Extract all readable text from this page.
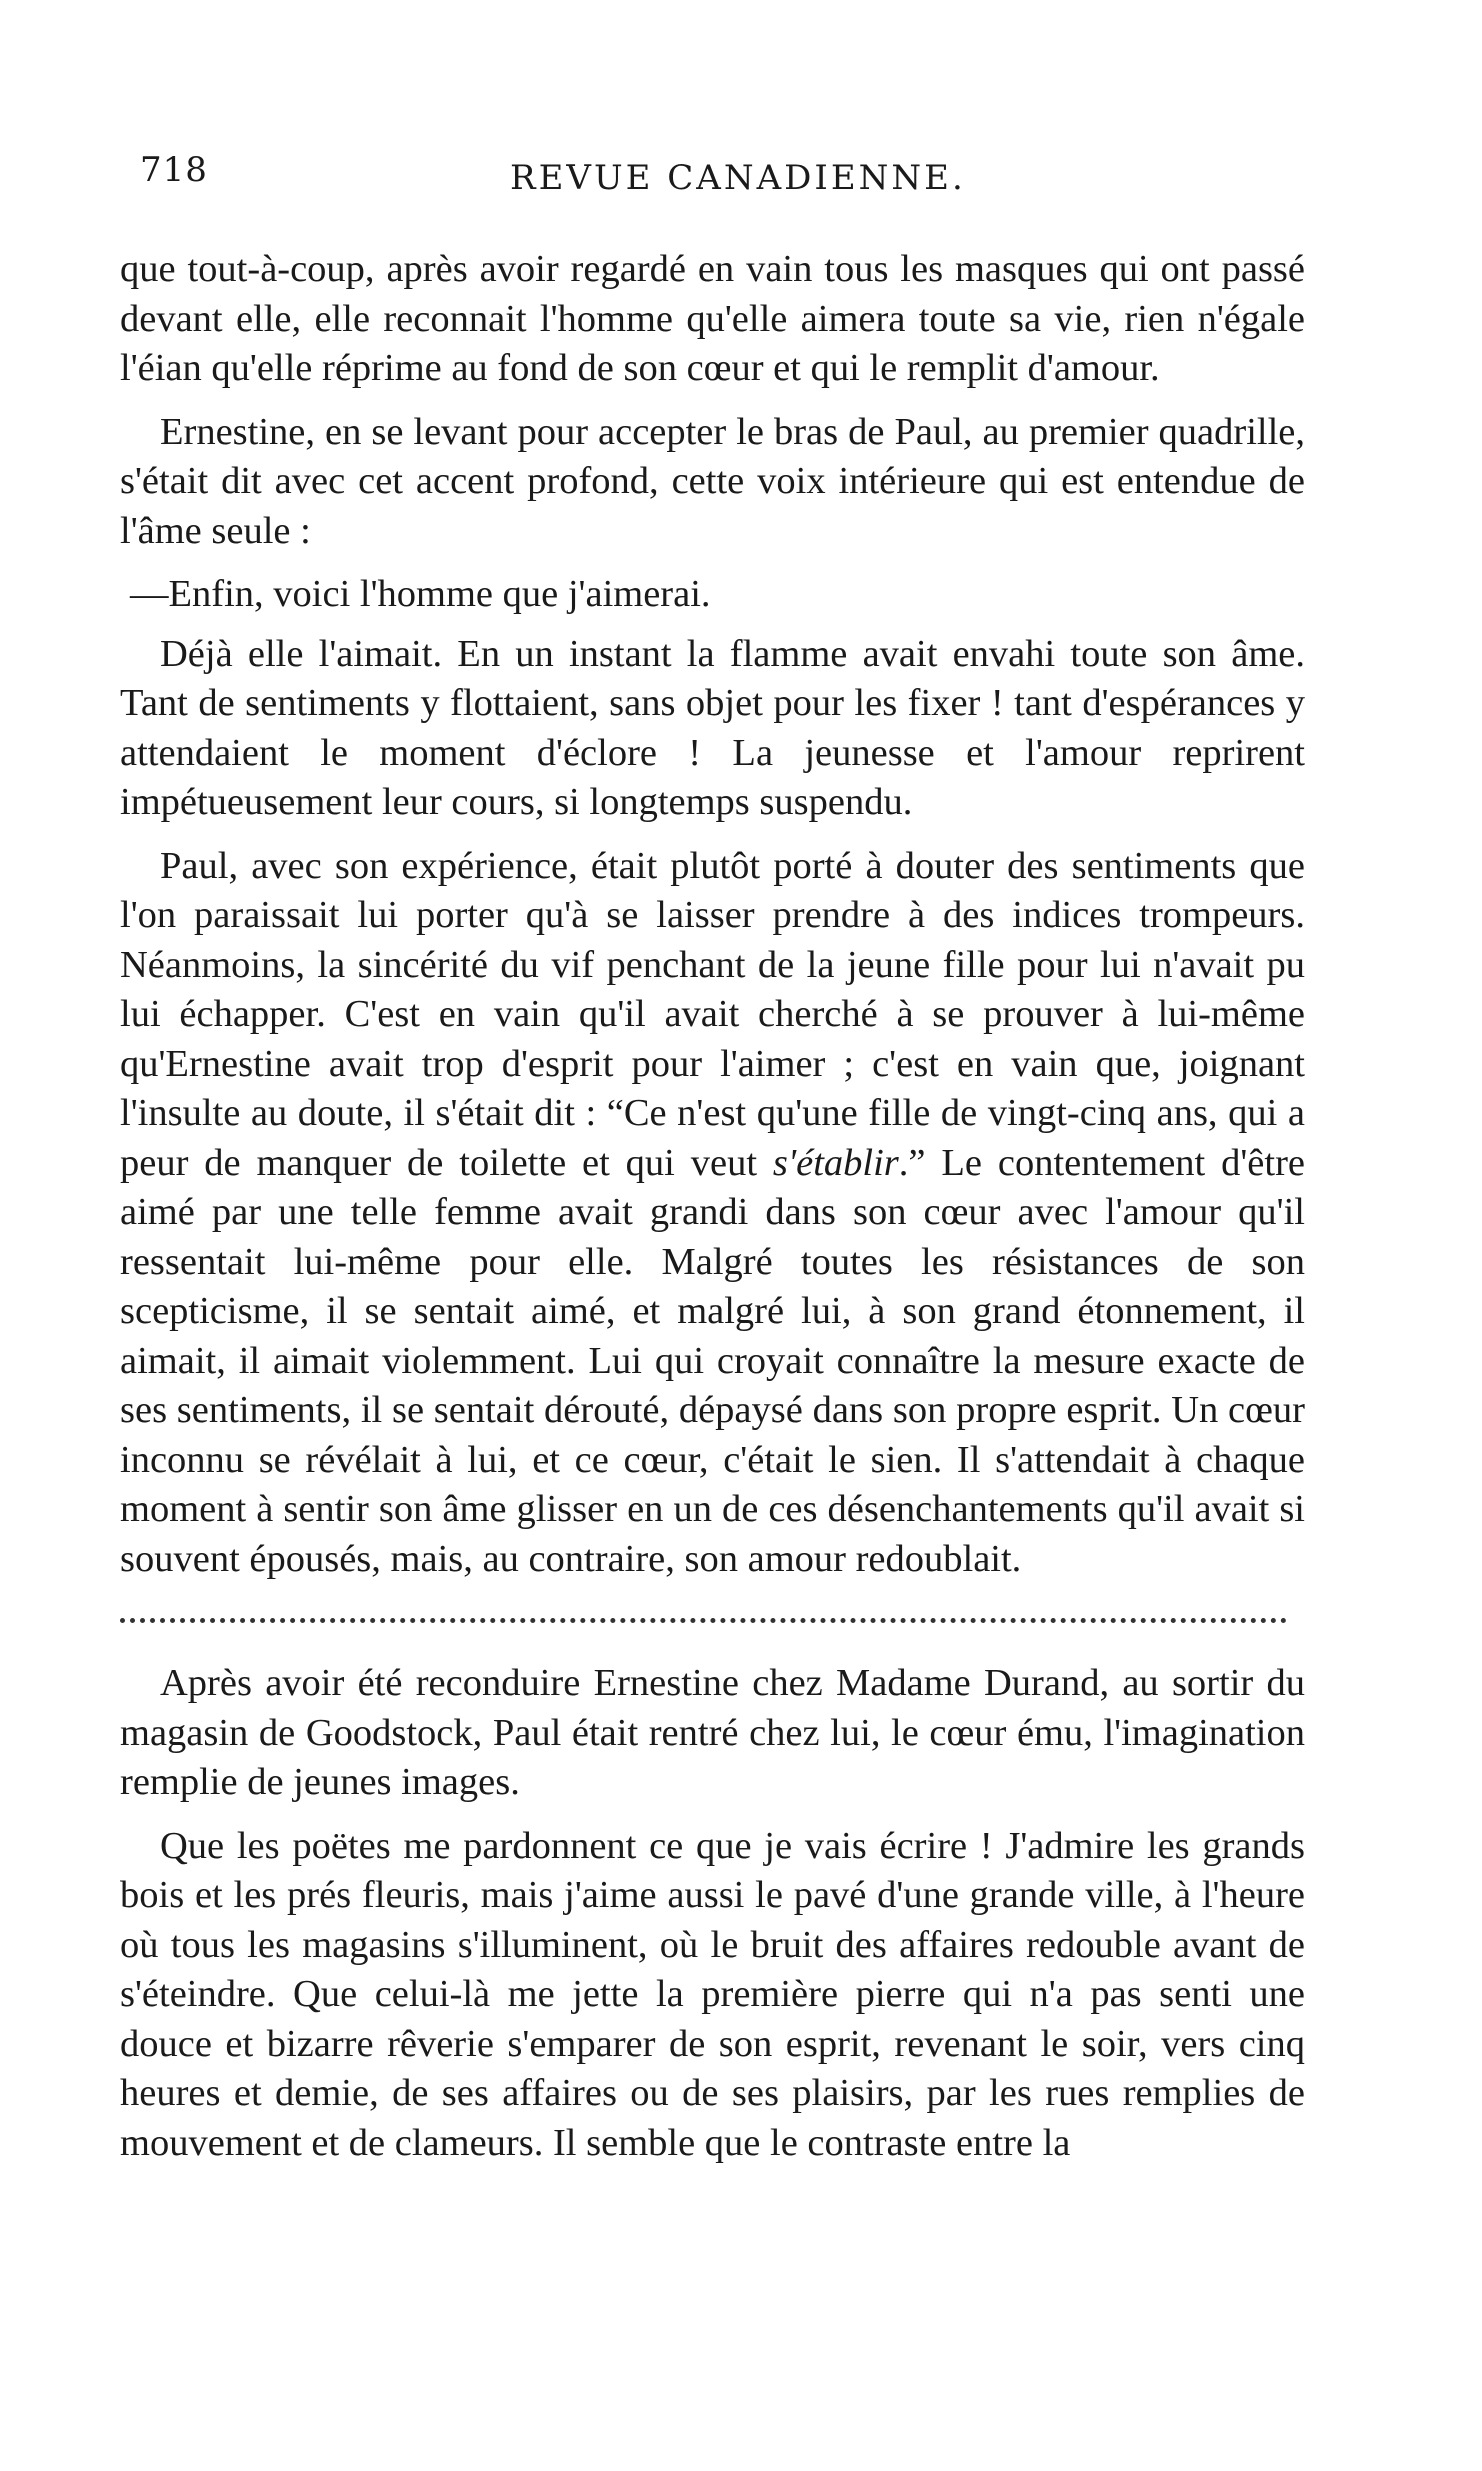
718	REVUE CANADIENNE.

que tout-à-coup, après avoir regardé en vain tous les masques qui ont passé devant elle, elle reconnait l'homme qu'elle aimera toute sa vie, rien n'égale l'éian qu'elle réprime au fond de son cœur et qui le remplit d'amour.

Ernestine, en se levant pour accepter le bras de Paul, au premier quadrille, s'était dit avec cet accent profond, cette voix intérieure qui est entendue de l'âme seule :

—Enfin, voici l'homme que j'aimerai.

Déjà elle l'aimait. En un instant la flamme avait envahi toute son âme. Tant de sentiments y flottaient, sans objet pour les fixer ! tant d'espérances y attendaient le moment d'éclore ! La jeunesse et l'amour reprirent impétueusement leur cours, si longtemps suspendu.

Paul, avec son expérience, était plutôt porté à douter des sentiments que l'on paraissait lui porter qu'à se laisser prendre à des indices trompeurs. Néanmoins, la sincérité du vif penchant de la jeune fille pour lui n'avait pu lui échapper. C'est en vain qu'il avait cherché à se prouver à lui-même qu'Ernestine avait trop d'esprit pour l'aimer ; c'est en vain que, joignant l'insulte au doute, il s'était dit : “Ce n'est qu'une fille de vingt-cinq ans, qui a peur de manquer de toilette et qui veut s'établir.” Le contentement d'être aimé par une telle femme avait grandi dans son cœur avec l'amour qu'il ressentait lui-même pour elle. Malgré toutes les résistances de son scepticisme, il se sentait aimé, et malgré lui, à son grand étonnement, il aimait, il aimait violemment. Lui qui croyait connaître la mesure exacte de ses sentiments, il se sentait dérouté, dépaysé dans son propre esprit. Un cœur inconnu se révélait à lui, et ce cœur, c'était le sien. Il s'attendait à chaque moment à sentir son âme glisser en un de ces désenchantements qu'il avait si souvent épousés, mais, au contraire, son amour redoublait.

Après avoir été reconduire Ernestine chez Madame Durand, au sortir du magasin de Goodstock, Paul était rentré chez lui, le cœur ému, l'imagination remplie de jeunes images.

Que les poëtes me pardonnent ce que je vais écrire ! J'admire les grands bois et les prés fleuris, mais j'aime aussi le pavé d'une grande ville, à l'heure où tous les magasins s'illuminent, où le bruit des affaires redouble avant de s'éteindre. Que celui-là me jette la première pierre qui n'a pas senti une douce et bizarre rêverie s'emparer de son esprit, revenant le soir, vers cinq heures et demie, de ses affaires ou de ses plaisirs, par les rues remplies de mouvement et de clameurs. Il semble que le contraste entre la
